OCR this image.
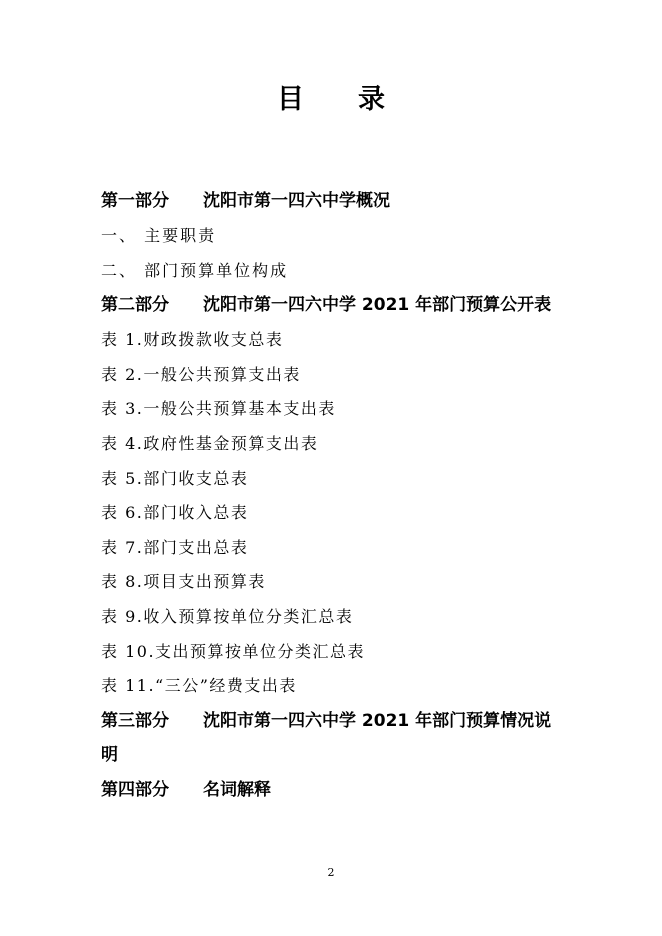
目　　录
第一部分　　沈阳市第一四六中学概况
一、 主要职责
二、 部门预算单位构成
第二部分　　沈阳市第一四六中学 2021 年部门预算公开表
表 1.财政拨款收支总表
表 2.一般公共预算支出表
表 3.一般公共预算基本支出表
表 4.政府性基金预算支出表
表 5.部门收支总表
表 6.部门收入总表
表 7.部门支出总表
表 8.项目支出预算表
表 9.收入预算按单位分类汇总表
表 10.支出预算按单位分类汇总表
表 11.“三公”经费支出表
第三部分　　沈阳市第一四六中学 2021 年部门预算情况说
明
第四部分　　名词解释
2
